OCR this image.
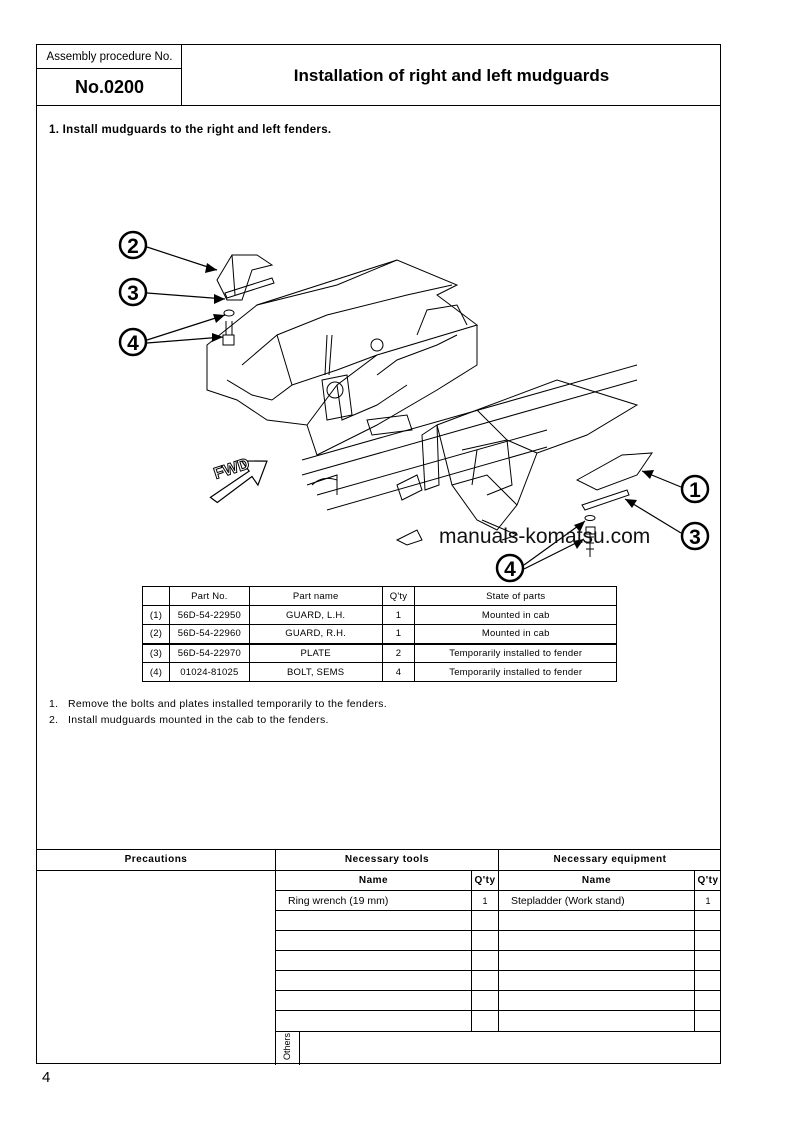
Assembly procedure No.
No.0200
Installation of right and left mudguards
1. Install mudguards to the right and left fenders.
FWD
2
3
4
1
3
4
manuals-komatsu.com
	Part No.	Part name	Q'ty	State of parts
(1)	56D-54-22950	GUARD, L.H.	1	Mounted in cab
(2)	56D-54-22960	GUARD, R.H.	1	Mounted in cab
(3)	56D-54-22970	PLATE	2	Temporarily installed to fender
(4)	01024-81025	BOLT, SEMS	4	Temporarily installed to fender
1. Remove the bolts and plates installed temporarily to the fenders.
2. Install mudguards mounted in the cab to the fenders.
Precautions	Necessary tools	Necessary equipment
Name	Q'ty	Name	Q'ty
Ring wrench (19 mm)	1	Stepladder (Work stand)	1
Others
4
